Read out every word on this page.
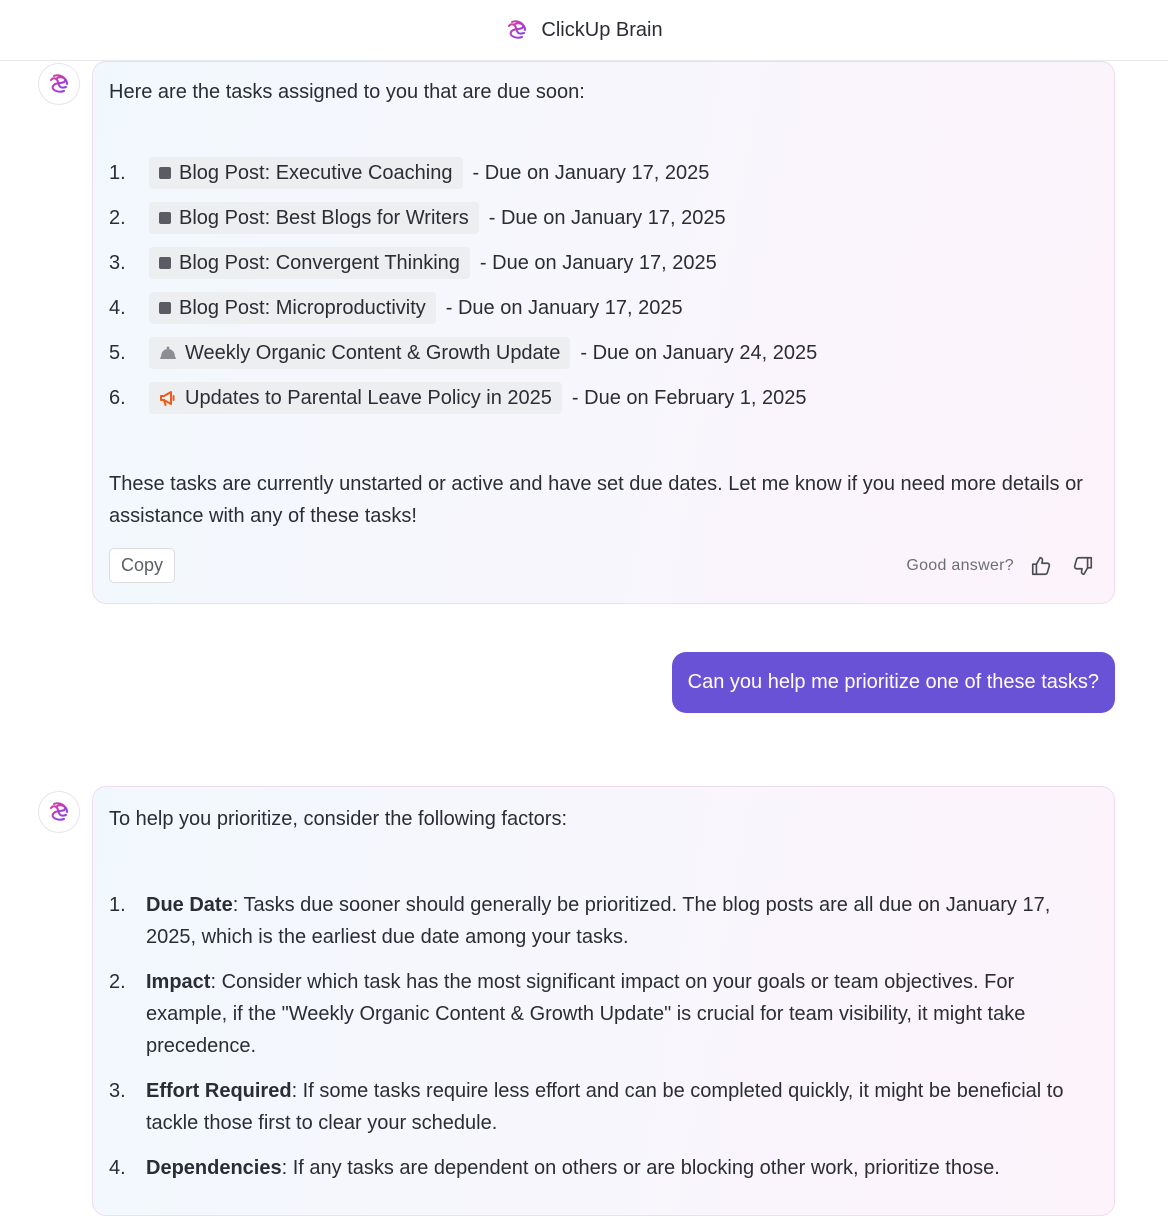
ClickUp Brain

Here are the tasks assigned to you that are due soon:

1.	Blog Post: Executive Coaching - Due on January 17, 2025
2.	Blog Post: Best Blogs for Writers - Due on January 17, 2025
3.	Blog Post: Convergent Thinking - Due on January 17, 2025
4.	Blog Post: Microproductivity - Due on January 17, 2025
5.	Weekly Organic Content & Growth Update - Due on January 24, 2025
6.	Updates to Parental Leave Policy in 2025 - Due on February 1, 2025

These tasks are currently unstarted or active and have set due dates. Let me know if you need more details or assistance with any of these tasks!

Copy	Good answer?
Can you help me prioritize one of these tasks?

To help you prioritize, consider the following factors:

1.	Due Date: Tasks due sooner should generally be prioritized. The blog posts are all due on January 17, 2025, which is the earliest due date among your tasks.
2.	Impact: Consider which task has the most significant impact on your goals or team objectives. For example, if the "Weekly Organic Content & Growth Update" is crucial for team visibility, it might take precedence.
3.	Effort Required: If some tasks require less effort and can be completed quickly, it might be beneficial to tackle those first to clear your schedule.
4.	Dependencies: If any tasks are dependent on others or are blocking other work, prioritize those.
